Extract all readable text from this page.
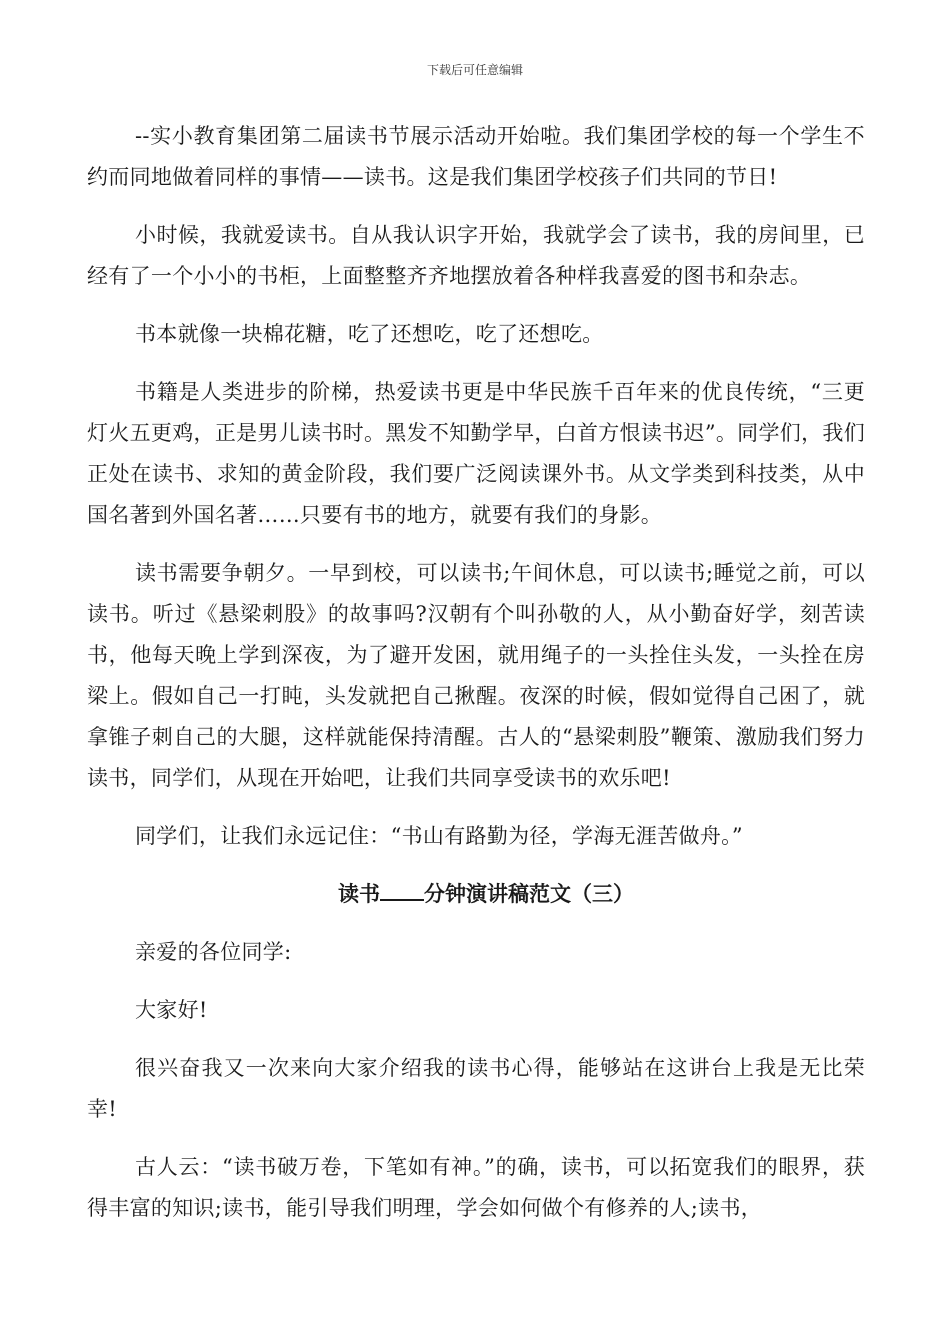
下载后可任意编辑

--实小教育集团第二届读书节展示活动开始啦。我们集团学校的每一个学生不约而同地做着同样的事情——读书。这是我们集团学校孩子们共同的节日!

小时候，我就爱读书。自从我认识字开始，我就学会了读书，我的房间里，已经有了一个小小的书柜，上面整整齐齐地摆放着各种样我喜爱的图书和杂志。

书本就像一块棉花糖，吃了还想吃，吃了还想吃。

书籍是人类进步的阶梯，热爱读书更是中华民族千百年来的优良传统，“三更灯火五更鸡，正是男儿读书时。黑发不知勤学早，白首方恨读书迟”。同学们，我们正处在读书、求知的黄金阶段，我们要广泛阅读课外书。从文学类到科技类，从中国名著到外国名著……只要有书的地方，就要有我们的身影。

读书需要争朝夕。一早到校，可以读书;午间休息，可以读书;睡觉之前，可以读书。听过《悬梁刺股》的故事吗?汉朝有个叫孙敬的人，从小勤奋好学，刻苦读书，他每天晚上学到深夜，为了避开发困，就用绳子的一头拴住头发，一头拴在房梁上。假如自己一打盹，头发就把自己揪醒。夜深的时候，假如觉得自己困了，就拿锥子刺自己的大腿，这样就能保持清醒。古人的“悬梁刺股”鞭策、激励我们努力读书，同学们，从现在开始吧，让我们共同享受读书的欢乐吧!

同学们，让我们永远记住：“书山有路勤为径，学海无涯苦做舟。”

读书 分钟演讲稿范文（三）

亲爱的各位同学:

大家好!

很兴奋我又一次来向大家介绍我的读书心得，能够站在这讲台上我是无比荣幸!

古人云：“读书破万卷，下笔如有神。”的确，读书，可以拓宽我们的眼界，获得丰富的知识;读书，能引导我们明理，学会如何做个有修养的人;读书，
